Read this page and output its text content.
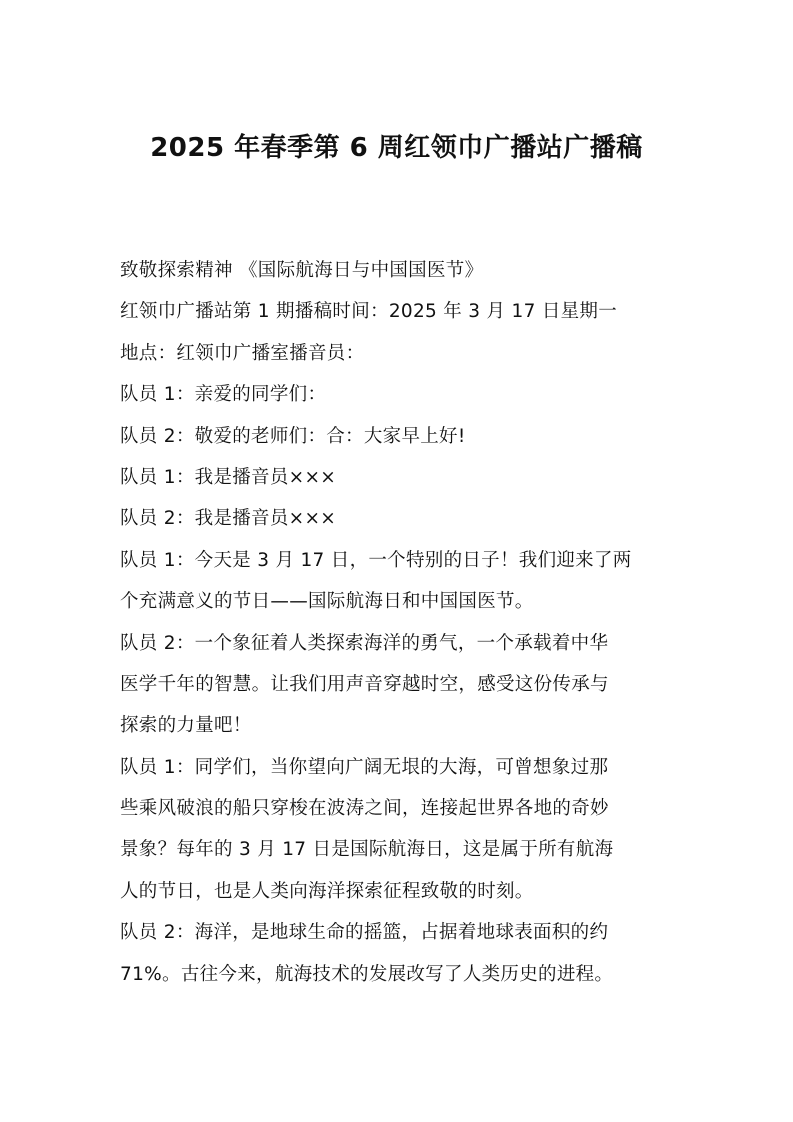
2025 年春季第 6 周红领巾广播站广播稿
致敬探索精神 《国际航海日与中国国医节》
红领巾广播站第 1 期播稿时间：2025 年 3 月 17 日星期一
地点：红领巾广播室播音员：
队员 1：亲爱的同学们：
队员 2：敬爱的老师们：合：大家早上好!
队员 1：我是播音员×××
队员 2：我是播音员×××
队员 1：今天是 3 月 17 日，一个特别的日子！我们迎来了两
个充满意义的节日——国际航海日和中国国医节。
队员 2：一个象征着人类探索海洋的勇气，一个承载着中华
医学千年的智慧。让我们用声音穿越时空，感受这份传承与
探索的力量吧！
队员 1：同学们，当你望向广阔无垠的大海，可曾想象过那
些乘风破浪的船只穿梭在波涛之间，连接起世界各地的奇妙
景象？每年的 3 月 17 日是国际航海日，这是属于所有航海
人的节日，也是人类向海洋探索征程致敬的时刻。
队员 2：海洋，是地球生命的摇篮，占据着地球表面积的约
71%。古往今来，航海技术的发展改写了人类历史的进程。
